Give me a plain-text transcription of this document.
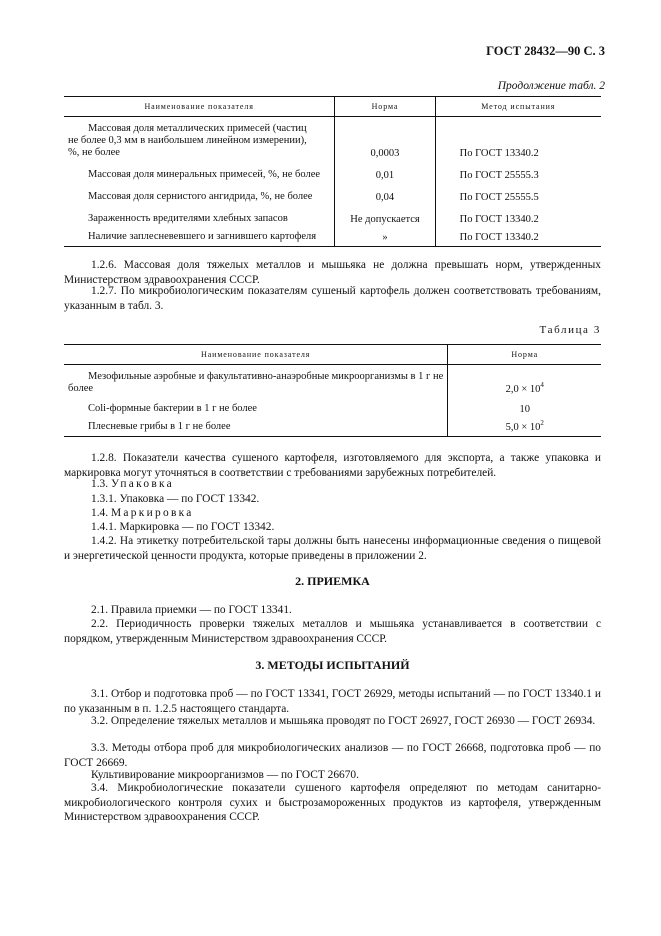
ГОСТ 28432—90 С. 3
Продолжение табл. 2
Наименование показателя	Норма	Метод испытания
Массовая доля металлических примесей (частиц не более 0,3 мм в наибольшем линейном измерении), %, не более	0,0003	По ГОСТ 13340.2
Массовая доля минеральных примесей, %, не более	0,01	По ГОСТ 25555.3
Массовая доля сернистого ангидрида, %, не более	0,04	По ГОСТ 25555.5
Зараженность вредителями хлебных запасов	Не допускается	По ГОСТ 13340.2
Наличие заплесневевшего и загнившего картофеля	»	По ГОСТ 13340.2
1.2.6. Массовая доля тяжелых металлов и мышьяка не должна превышать норм, утвержденных Министерством здравоохранения СССР.
1.2.7. По микробиологическим показателям сушеный картофель должен соответствовать требованиям, указанным в табл. 3.
Таблица 3
Наименование показателя	Норма
Мезофильные аэробные и факультативно-анаэробные микроорганизмы в 1 г не более	$2,0 \times 10^4$
Coli-формные бактерии в 1 г не более	10
Плесневые грибы в 1 г не более	$5,0 \times 10^2$
1.2.8. Показатели качества сушеного картофеля, изготовляемого для экспорта, а также упаковка и маркировка могут уточняться в соответствии с требованиями зарубежных потребителей.
1.3. Упаковка
1.3.1. Упаковка — по ГОСТ 13342.
1.4. Маркировка
1.4.1. Маркировка — по ГОСТ 13342.
1.4.2. На этикетку потребительской тары должны быть нанесены информационные сведения о пищевой и энергетической ценности продукта, которые приведены в приложении 2.
2. ПРИЕМКА
2.1. Правила приемки — по ГОСТ 13341.
2.2. Периодичность проверки тяжелых металлов и мышьяка устанавливается в соответствии с порядком, утвержденным Министерством здравоохранения СССР.
3. МЕТОДЫ ИСПЫТАНИЙ
3.1. Отбор и подготовка проб — по ГОСТ 13341, ГОСТ 26929, методы испытаний — по ГОСТ 13340.1 и по указанным в п. 1.2.5 настоящего стандарта.
3.2. Определение тяжелых металлов и мышьяка проводят по ГОСТ 26927, ГОСТ 26930 — ГОСТ 26934.
3.3. Методы отбора проб для микробиологических анализов — по ГОСТ 26668, подготовка проб — по ГОСТ 26669.
Культивирование микроорганизмов — по ГОСТ 26670.
3.4. Микробиологические показатели сушеного картофеля определяют по методам санитарно-микробиологического контроля сухих и быстрозамороженных продуктов из картофеля, утвержденным Министерством здравоохранения СССР.
